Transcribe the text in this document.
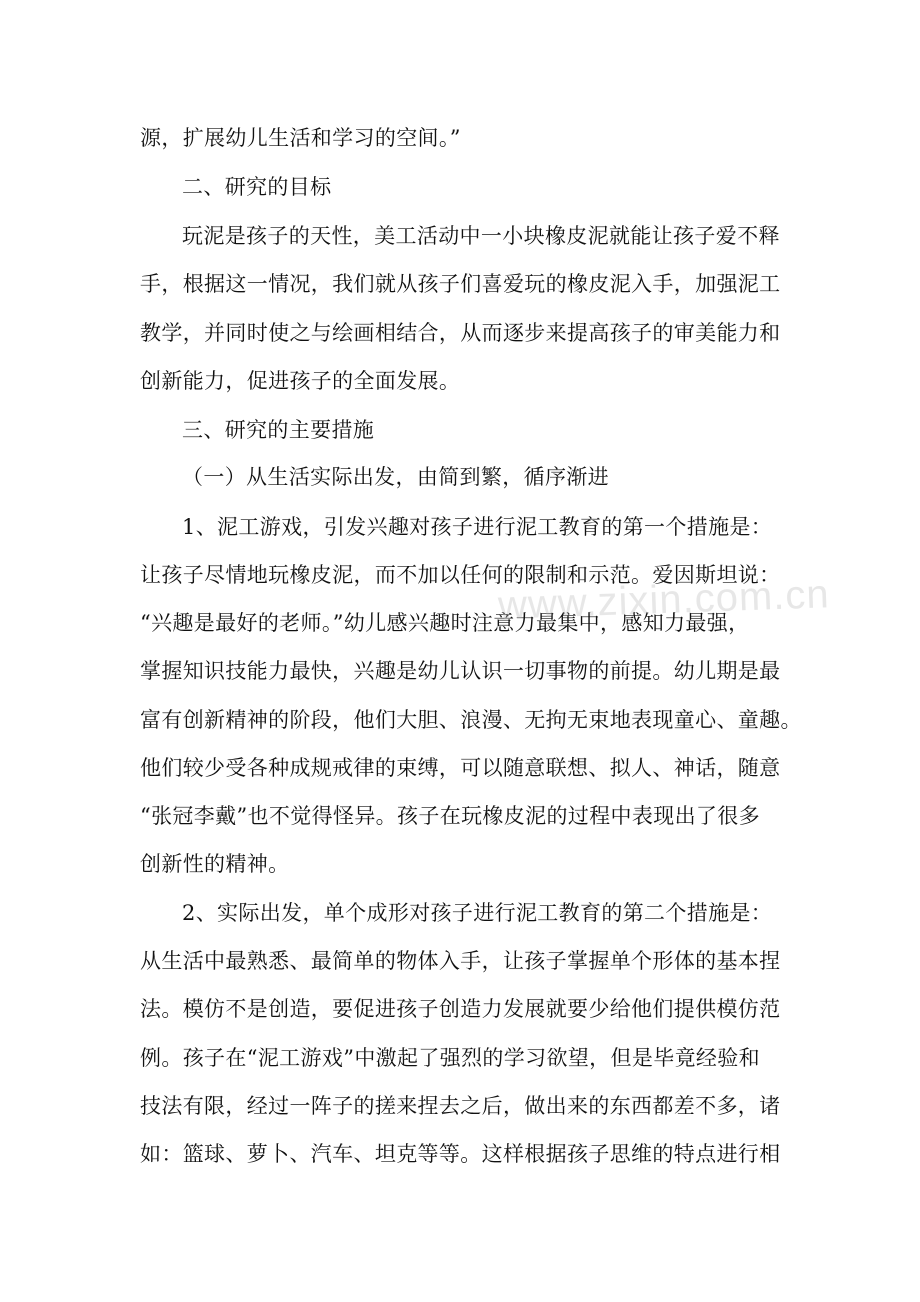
源，扩展幼儿生活和学习的空间。”
二、研究的目标
玩泥是孩子的天性，美工活动中一小块橡皮泥就能让孩子爱不释
手，根据这一情况，我们就从孩子们喜爱玩的橡皮泥入手，加强泥工
教学，并同时使之与绘画相结合，从而逐步来提高孩子的审美能力和
创新能力，促进孩子的全面发展。
三、研究的主要措施
（一）从生活实际出发，由简到繁，循序渐进
1、泥工游戏，引发兴趣对孩子进行泥工教育的第一个措施是：
让孩子尽情地玩橡皮泥，而不加以任何的限制和示范。爱因斯坦说：
“兴趣是最好的老师。”幼儿感兴趣时注意力最集中，感知力最强，
掌握知识技能力最快，兴趣是幼儿认识一切事物的前提。幼儿期是最
富有创新精神的阶段，他们大胆、浪漫、无拘无束地表现童心、童趣。
他们较少受各种成规戒律的束缚，可以随意联想、拟人、神话，随意
“张冠李戴”也不觉得怪异。孩子在玩橡皮泥的过程中表现出了很多
创新性的精神。
2、实际出发，单个成形对孩子进行泥工教育的第二个措施是：
从生活中最熟悉、最简单的物体入手，让孩子掌握单个形体的基本捏
法。模仿不是创造，要促进孩子创造力发展就要少给他们提供模仿范
例。孩子在“泥工游戏”中激起了强烈的学习欲望，但是毕竟经验和
技法有限，经过一阵子的搓来捏去之后，做出来的东西都差不多，诸
如：篮球、萝卜、汽车、坦克等等。这样根据孩子思维的特点进行相
www.zixin.com.cn
